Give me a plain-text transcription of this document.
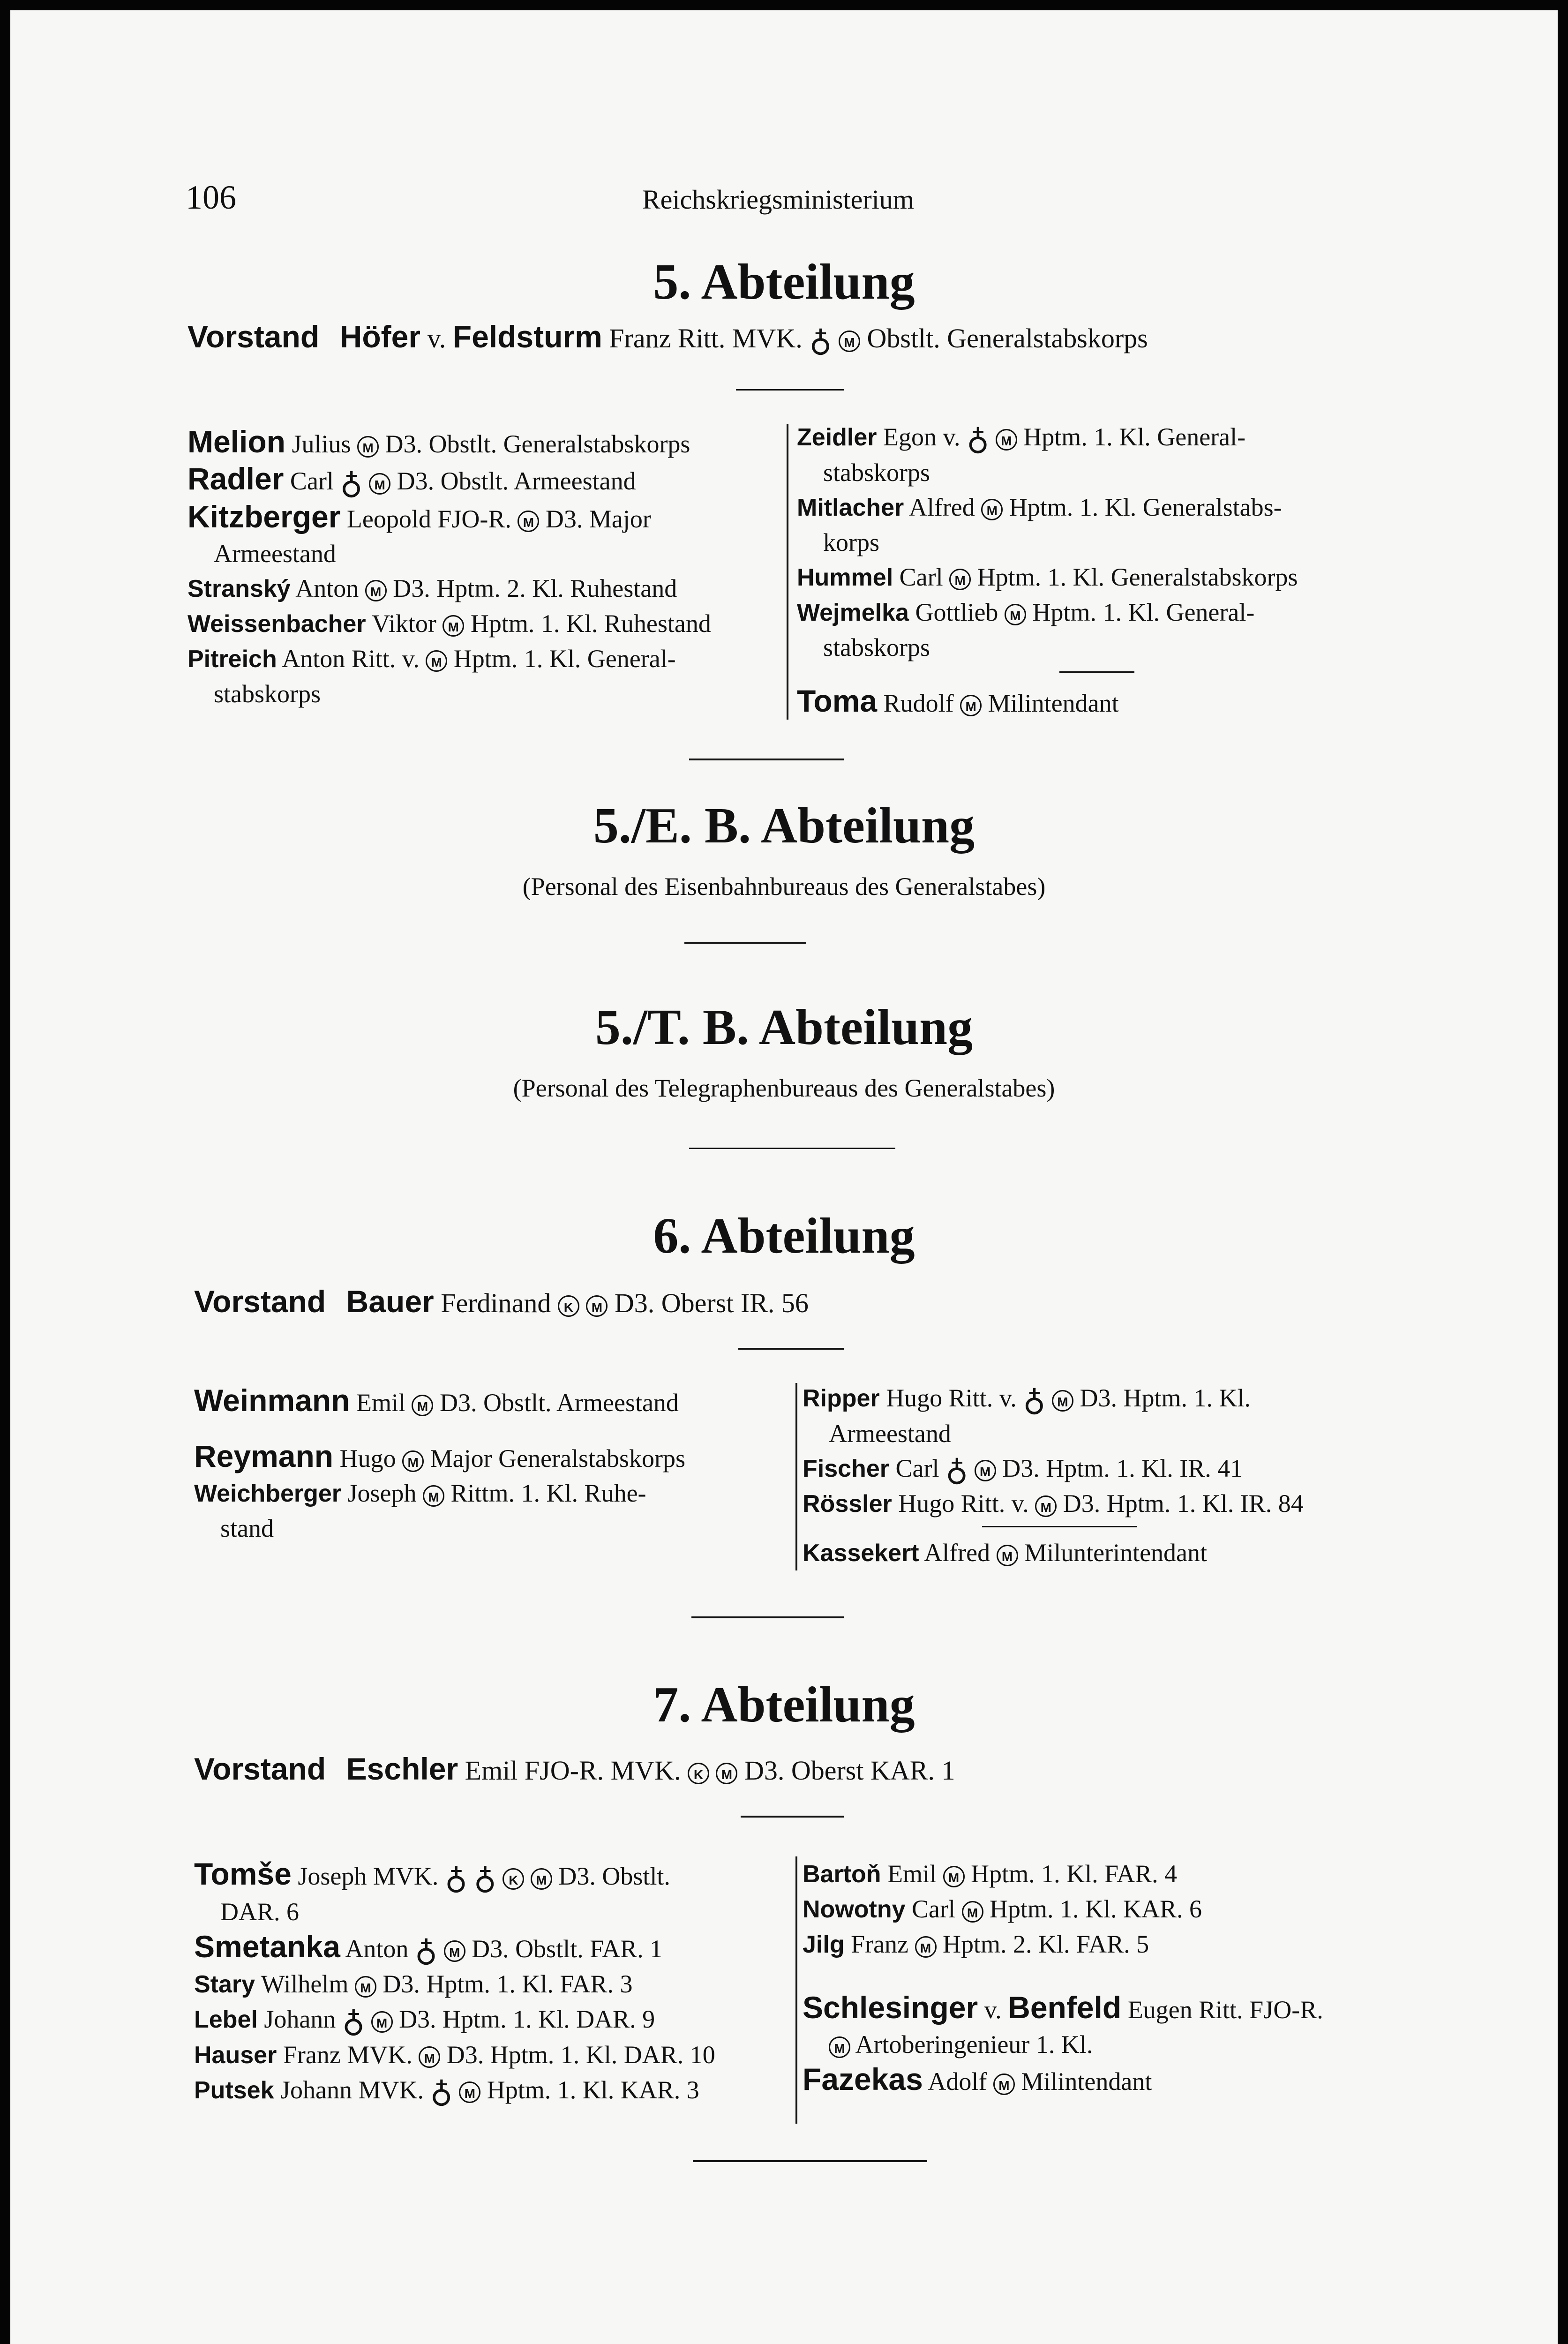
106	Reichskriegsministerium
5. Abteilung
Vorstand Höfer v. Feldsturm Franz Ritt. MVK. ♁ M Obstlt. Generalstabskorps

Melion Julius M D3. Obstlt. Generalstabskorps

Radler Carl ♁ M D3. Obstlt. Armeestand

Kitzberger Leopold FJO-R. M D3. Major

Armeestand

Stranský Anton M D3. Hptm. 2. Kl. Ruhestand

Weissenbacher Viktor M Hptm. 1. Kl. Ruhestand

Pitreich Anton Ritt. v. M Hptm. 1. Kl. General-

stabskorps

Zeidler Egon v. ♁ M Hptm. 1. Kl. General-

stabskorps

Mitlacher Alfred M Hptm. 1. Kl. Generalstabs-

korps

Hummel Carl M Hptm. 1. Kl. Generalstabskorps

Wejmelka Gottlieb M Hptm. 1. Kl. General-

stabskorps

Toma Rudolf M Milintendant

5./E. B. Abteilung
(Personal des Eisenbahnbureaus des Generalstabes)
5./T. B. Abteilung
(Personal des Telegraphenbureaus des Generalstabes)
6. Abteilung
Vorstand Bauer Ferdinand K M D3. Oberst IR. 56

Weinmann Emil M D3. Obstlt. Armeestand

Reymann Hugo M Major Generalstabskorps

Weichberger Joseph M Rittm. 1. Kl. Ruhe-

stand

Ripper Hugo Ritt. v. ♁ M D3. Hptm. 1. Kl.

Armeestand

Fischer Carl ♁ M D3. Hptm. 1. Kl. IR. 41

Rössler Hugo Ritt. v. M D3. Hptm. 1. Kl. IR. 84

Kassekert Alfred M Milunterintendant

7. Abteilung
Vorstand Eschler Emil FJO-R. MVK. K M D3. Oberst KAR. 1

Tomše Joseph MVK. ♁ ♁ K M D3. Obstlt.

DAR. 6

Smetanka Anton ♁ M D3. Obstlt. FAR. 1

Stary Wilhelm M D3. Hptm. 1. Kl. FAR. 3

Lebel Johann ♁ M D3. Hptm. 1. Kl. DAR. 9

Hauser Franz MVK. M D3. Hptm. 1. Kl. DAR. 10

Putsek Johann MVK. ♁ M Hptm. 1. Kl. KAR. 3

Bartoň Emil M Hptm. 1. Kl. FAR. 4

Nowotny Carl M Hptm. 1. Kl. KAR. 6

Jilg Franz M Hptm. 2. Kl. FAR. 5

Schlesinger v. Benfeld Eugen Ritt. FJO-R.

M Artoberingenieur 1. Kl.

Fazekas Adolf M Milintendant
